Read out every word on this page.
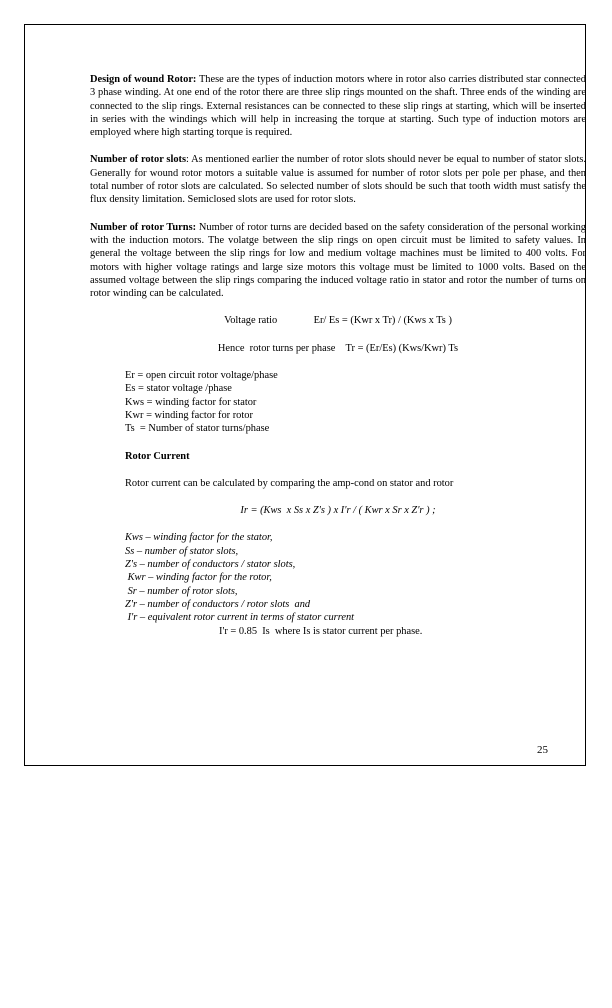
Design of wound Rotor: These are the types of induction motors where in rotor also carries distributed star connected 3 phase winding. At one end of the rotor there are three slip rings mounted on the shaft. Three ends of the winding are connected to the slip rings. External resistances can be connected to these slip rings at starting, which will be inserted in series with the windings which will help in increasing the torque at starting. Such type of induction motors are employed where high starting torque is required.

Number of rotor slots: As mentioned earlier the number of rotor slots should never be equal to number of stator slots. Generally for wound rotor motors a suitable value is assumed for number of rotor slots per pole per phase, and then total number of rotor slots are calculated. So selected number of slots should be such that tooth width must satisfy the flux density limitation. Semiclosed slots are used for rotor slots.

Number of rotor Turns: Number of rotor turns are decided based on the safety consideration of the personal working with the induction motors. The volatge between the slip rings on open circuit must be limited to safety values. In general the voltage between the slip rings for low and medium voltage machines must be limited to 400 volts. For motors with higher voltage ratings and large size motors this voltage must be limited to 1000 volts. Based on the assumed voltage between the slip rings comparing the induced voltage ratio in stator and rotor the number of turns on rotor winding can be calculated.

Voltage ratio              Er/ Es = (Kwr x Tr) / (Kws x Ts )
Hence  rotor turns per phase    Tr = (Er/Es) (Kws/Kwr) Ts
Er = open circuit rotor voltage/phase
Es = stator voltage /phase
Kws = winding factor for stator
Kwr = winding factor for rotor
Ts  = Number of stator turns/phase
Rotor Current
Rotor current can be calculated by comparing the amp-cond on stator and rotor
Ir = (Kws  x Ss x Z's ) x I'r / ( Kwr x Sr x Z'r ) ;
Kws – winding factor for the stator,
Ss – number of stator slots,
Z's – number of conductors / stator slots,
Kwr – winding factor for the rotor,
Sr – number of rotor slots,
Z'r – number of conductors / rotor slots  and
I'r – equivalent rotor current in terms of stator current
I'r = 0.85  Is  where Is is stator current per phase.
25
